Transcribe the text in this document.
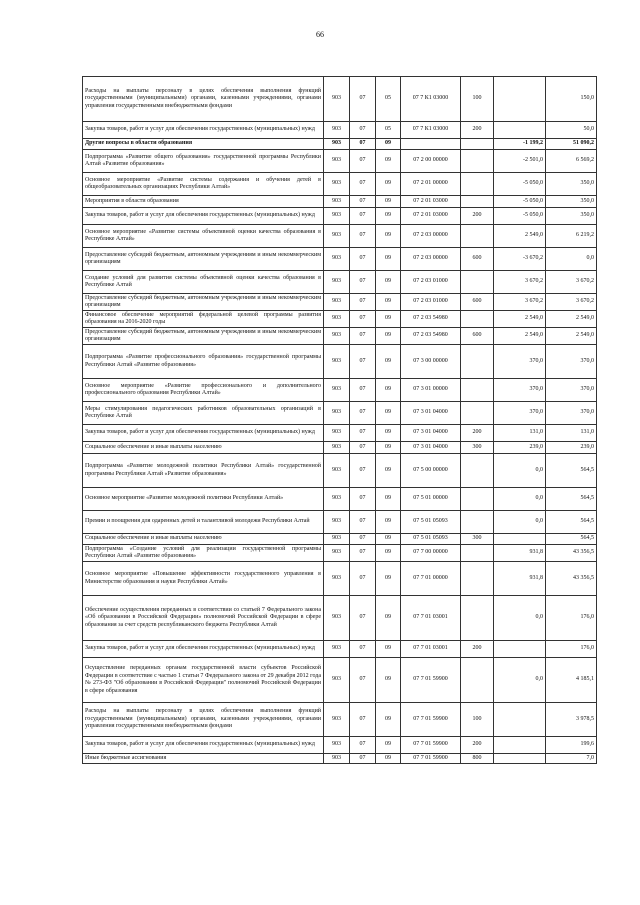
66
Расходы на выплаты персоналу в целях обеспечения выполнения функций государственными (муниципальными) органами, казенными учреждениями, органами управления государственными внебюджетными фондами	903	07	05	07 7 К1 03000	100		150,0
Закупка товаров, работ и услуг для обеспечения государственных (муниципальных) нужд	903	07	05	07 7 К1 03000	200		50,0
Другие вопросы в области образования	903	07	09			-1 199,2	51 090,2
Подпрограмма «Развитие общего образования» государственной программы Республики Алтай «Развитие образования»	903	07	09	07 2 00 00000		-2 501,0	6 569,2
Основное мероприятие «Развитие системы содержания и обучения детей в общеобразовательных организациях Республики Алтай»	903	07	09	07 2 01 00000		-5 050,0	350,0
Мероприятия в области образования	903	07	09	07 2 01 03000		-5 050,0	350,0
Закупка товаров, работ и услуг для обеспечения государственных (муниципальных) нужд	903	07	09	07 2 01 03000	200	-5 050,0	350,0
Основное мероприятие «Развитие системы объективной оценки качества образования в Республике Алтай»	903	07	09	07 2 03 00000		2 549,0	6 219,2
Предоставление субсидий бюджетным, автономным учреждениям и иным некоммерческим организациям	903	07	09	07 2 03 00000	600	-3 670,2	0,0
Создание условий для развития системы объективной оценки качества образования в Республике Алтай	903	07	09	07 2 03 01000		3 670,2	3 670,2
Предоставление субсидий бюджетным, автономным учреждениям и иным некоммерческим организациям	903	07	09	07 2 03 01000	600	3 670,2	3 670,2
Финансовое обеспечение мероприятий федеральной целевой программы развития образования на 2016-2020 годы	903	07	09	07 2 03 54980		2 549,0	2 549,0
Предоставление субсидий бюджетным, автономным учреждениям и иным некоммерческим организациям	903	07	09	07 2 03 54980	600	2 549,0	2 549,0
Подпрограмма «Развитие профессионального образования» государственной программы Республики Алтай «Развитие образования»	903	07	09	07 3 00 00000		370,0	370,0
Основное мероприятие «Развитие профессионального и дополнительного профессионального образования Республики Алтай»	903	07	09	07 3 01 00000		370,0	370,0
Меры стимулирования педагогических работников образовательных организаций в Республике Алтай	903	07	09	07 3 01 04000		370,0	370,0
Закупка товаров, работ и услуг для обеспечения государственных (муниципальных) нужд	903	07	09	07 3 01 04000	200	131,0	131,0
Социальное обеспечение и иные выплаты населению	903	07	09	07 3 01 04000	300	239,0	239,0
Подпрограмма «Развитие молодежной политики Республики Алтай» государственной программы Республики Алтай «Развитие образования»	903	07	09	07 5 00 00000		0,0	564,5
Основное мероприятие «Развитие молодежной политики Республики Алтай»	903	07	09	07 5 01 00000		0,0	564,5
Премии и поощрения для одаренных детей и талантливой молодежи Республики Алтай	903	07	09	07 5 01 05093		0,0	564,5
Социальное обеспечение и иные выплаты населению	903	07	09	07 5 01 05093	300		564,5
Подпрограмма «Создание условий для реализации государственной программы Республики Алтай «Развитие образования»	903	07	09	07 7 00 00000		931,8	43 356,5
Основное мероприятие «Повышение эффективности государственного управления в Министерстве образования и науки Республики Алтай»	903	07	09	07 7 01 00000		931,8	43 356,5
Обеспечение осуществления переданных в соответствии со статьей 7 Федерального закона «Об образовании в Российской Федерации» полномочий Российской Федерации в сфере образования за счет средств республиканского бюджета Республики Алтай	903	07	09	07 7 01 03001		0,0	176,0
Закупка товаров, работ и услуг для обеспечения государственных (муниципальных) нужд	903	07	09	07 7 01 03001	200		176,0
Осуществление переданных органам государственной власти субъектов Российской Федерации в соответствие с частью 1 статьи 7 Федерального закона от 29 декабря 2012 года № 273-ФЗ "Об образовании в Российской Федерации" полномочий Российской Федерации в сфере образования	903	07	09	07 7 01 59900		0,0	4 185,1
Расходы на выплаты персоналу в целях обеспечения выполнения функций государственными (муниципальными) органами, казенными учреждениями, органами управления государственными внебюджетными фондами	903	07	09	07 7 01 59900	100		3 978,5
Закупка товаров, работ и услуг для обеспечения государственных (муниципальных) нужд	903	07	09	07 7 01 59900	200		199,6
Иные бюджетные ассигнования	903	07	09	07 7 01 59900	800		7,0
